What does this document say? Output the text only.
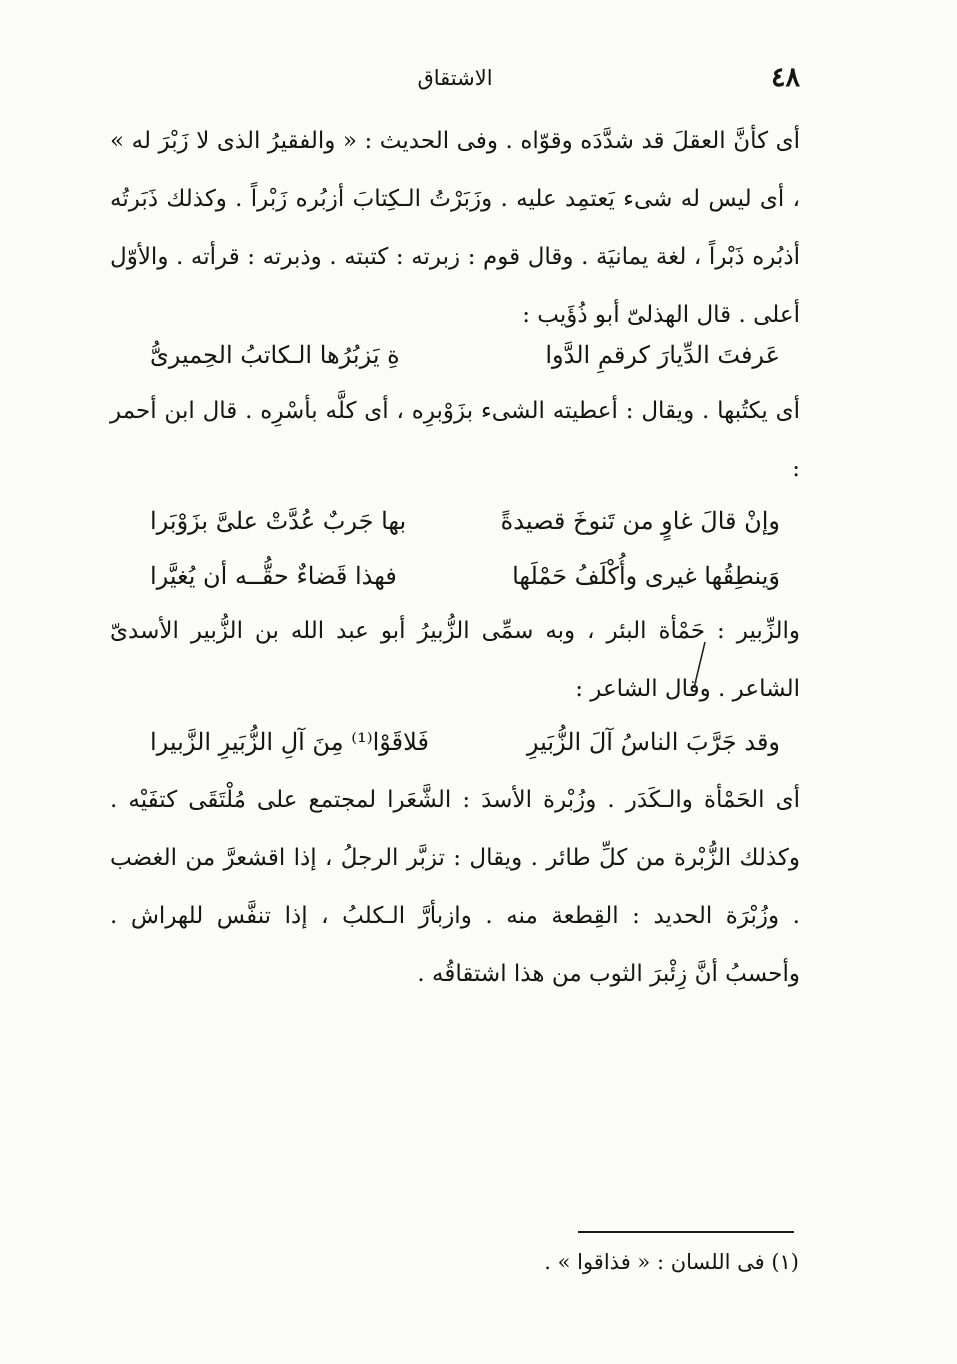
٤٨
الاشتقاق

أى كأنَّ العقلَ قد شدَّدَه وقوّاه . وفى الحديث : « والفقيرُ الذى لا زَبْرَ له » ، أى ليس له شىء يَعتمِد عليه . وزَبَرْتُ الـكِتابَ أزبُره زَبْراً . وكذلك ذَبَرتُه أذبُره ذَبْراً ، لغة يمانيَة . وقال قوم : زبرته : كتبته . وذبرته : قرأته . والأوّل أعلى . قال الهذلىّ أبو ذُؤَيب :

عَرفتَ الدِّيارَ كرقمِ الدَّوا
ةِ يَزبُرُها الـكاتبُ الحِميرىُّ

أى يكتُبها . ويقال : أعطيته الشىء بزَوْبرِه ، أى كلَّه بأسْرِه . قال ابن أحمر :

وإنْ قالَ غاوٍ من تَنوخَ قصيدةً
بها جَربٌ عُدَّتْ علىَّ بزَوْبَرا
وَينطِقُها غيرى وأُكْلَفُ حَمْلَها
فهذا قَضاءٌ حقُّــه أن يُغيَّرا

والزِّبير : حَمْأة البئر ، وبه سمِّى الزُّبيرُ أبو عبد الله بن الزُّبير الأسدىّ الشاعر . وقال الشاعر :

وقد جَرَّبَ الناسُ آلَ الزُّبَيرِ
فَلاقَوْا⁽¹⁾ مِنَ آلِ الزُّبَيرِ الزَّبيرا

أى الحَمْأة والـكَدَر . وزُبْرة الأسدَ : الشَّعَرا لمجتمع على مُلْتَقَى كتفَيْه . وكذلك الزُّبْرة من كلِّ طائر . ويقال : تزبَّر الرجلُ ، إذا اقشعرَّ من الغضب . وزُبْرَة الحديد : القِطعة منه . وازبأرَّ الـكلبُ ، إذا تنفَّس للهراش . وأحسبُ أنَّ زِئْبرَ الثوب من هذا اشتقاقُه .

(١) فى اللسان : « فذاقوا » .
